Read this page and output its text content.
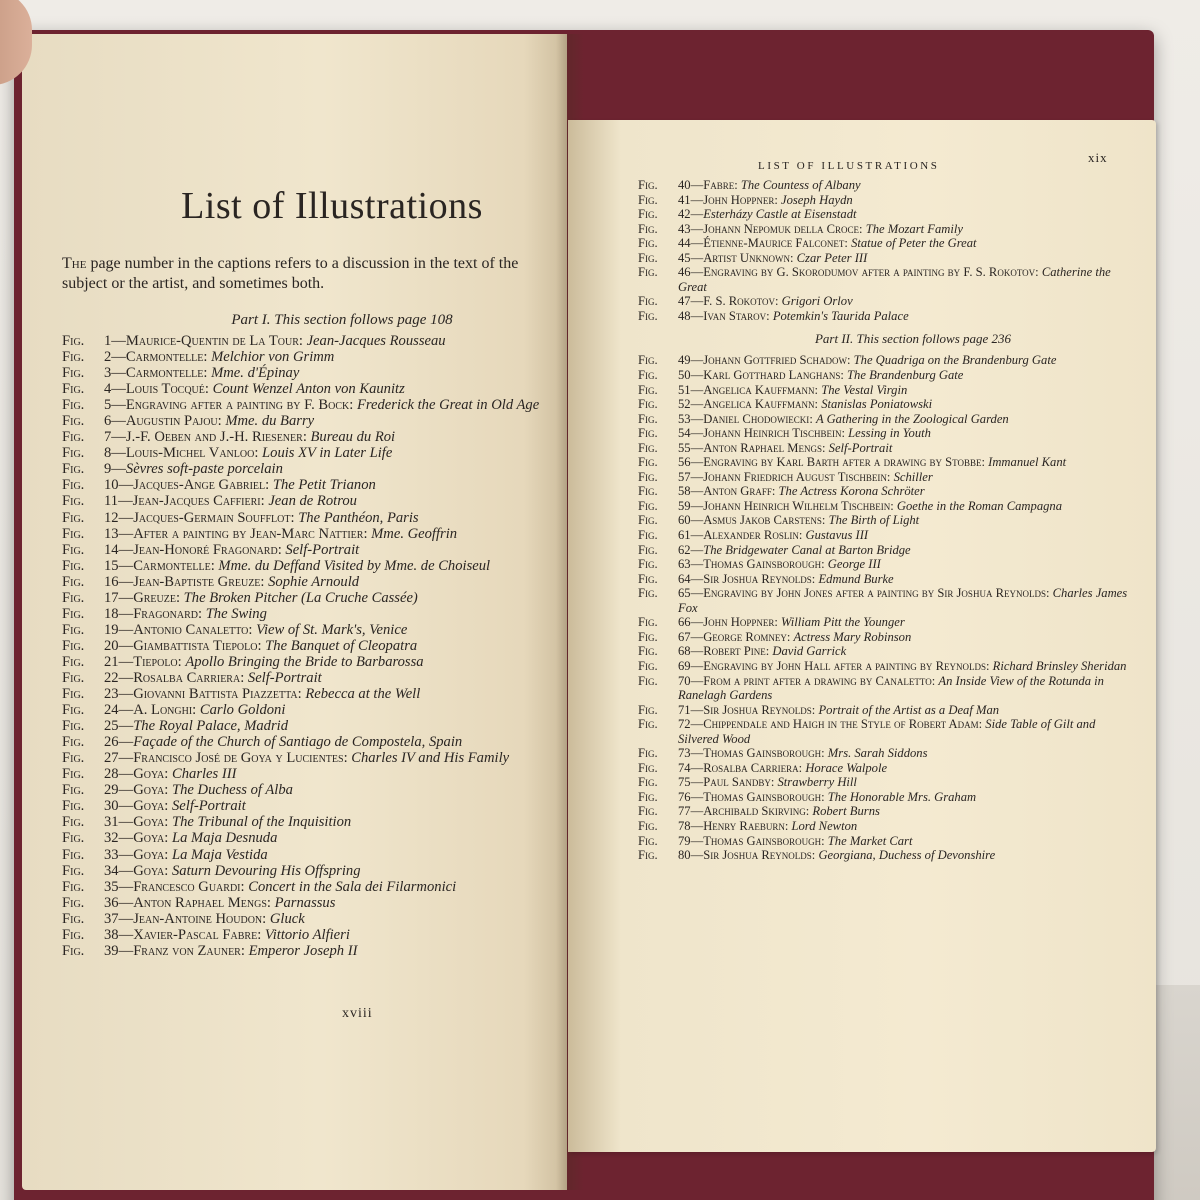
List of Illustrations

The page number in the captions refers to a discussion in the text of the subject or the artist, and sometimes both.

Part I. This section follows page 108
Fig.	1—Maurice-Quentin de La Tour: Jean-Jacques Rousseau
Fig.	2—Carmontelle: Melchior von Grimm
Fig.	3—Carmontelle: Mme. d'Épinay
Fig.	4—Louis Tocqué: Count Wenzel Anton von Kaunitz
Fig.	5—Engraving after a painting by F. Bock: Frederick the Great in Old Age
Fig.	6—Augustin Pajou: Mme. du Barry
Fig.	7—J.-F. Oeben and J.-H. Riesener: Bureau du Roi
Fig.	8—Louis-Michel Vanloo: Louis XV in Later Life
Fig.	9—Sèvres soft-paste porcelain
Fig.	10—Jacques-Ange Gabriel: The Petit Trianon
Fig.	11—Jean-Jacques Caffieri: Jean de Rotrou
Fig.	12—Jacques-Germain Soufflot: The Panthéon, Paris
Fig.	13—After a painting by Jean-Marc Nattier: Mme. Geoffrin
Fig.	14—Jean-Honoré Fragonard: Self-Portrait
Fig.	15—Carmontelle: Mme. du Deffand Visited by Mme. de Choiseul
Fig.	16—Jean-Baptiste Greuze: Sophie Arnould
Fig.	17—Greuze: The Broken Pitcher (La Cruche Cassée)
Fig.	18—Fragonard: The Swing
Fig.	19—Antonio Canaletto: View of St. Mark's, Venice
Fig.	20—Giambattista Tiepolo: The Banquet of Cleopatra
Fig.	21—Tiepolo: Apollo Bringing the Bride to Barbarossa
Fig.	22—Rosalba Carriera: Self-Portrait
Fig.	23—Giovanni Battista Piazzetta: Rebecca at the Well
Fig.	24—A. Longhi: Carlo Goldoni
Fig.	25—The Royal Palace, Madrid
Fig.	26—Façade of the Church of Santiago de Compostela, Spain
Fig.	27—Francisco José de Goya y Lucientes: Charles IV and His Family
Fig.	28—Goya: Charles III
Fig.	29—Goya: The Duchess of Alba
Fig.	30—Goya: Self-Portrait
Fig.	31—Goya: The Tribunal of the Inquisition
Fig.	32—Goya: La Maja Desnuda
Fig.	33—Goya: La Maja Vestida
Fig.	34—Goya: Saturn Devouring His Offspring
Fig.	35—Francesco Guardi: Concert in the Sala dei Filarmonici
Fig.	36—Anton Raphael Mengs: Parnassus
Fig.	37—Jean-Antoine Houdon: Gluck
Fig.	38—Xavier-Pascal Fabre: Vittorio Alfieri
Fig.	39—Franz von Zauner: Emperor Joseph II
xviii
LIST OF ILLUSTRATIONS
xix
Fig.	40—Fabre: The Countess of Albany
Fig.	41—John Hoppner: Joseph Haydn
Fig.	42—Esterházy Castle at Eisenstadt
Fig.	43—Johann Nepomuk della Croce: The Mozart Family
Fig.	44—Étienne-Maurice Falconet: Statue of Peter the Great
Fig.	45—Artist Unknown: Czar Peter III
Fig.	46—Engraving by G. Skorodumov after a painting by F. S. Rokotov: Catherine the Great
Fig.	47—F. S. Rokotov: Grigori Orlov
Fig.	48—Ivan Starov: Potemkin's Taurida Palace
Part II. This section follows page 236
Fig.	49—Johann Gottfried Schadow: The Quadriga on the Brandenburg Gate
Fig.	50—Karl Gotthard Langhans: The Brandenburg Gate
Fig.	51—Angelica Kauffmann: The Vestal Virgin
Fig.	52—Angelica Kauffmann: Stanislas Poniatowski
Fig.	53—Daniel Chodowiecki: A Gathering in the Zoological Garden
Fig.	54—Johann Heinrich Tischbein: Lessing in Youth
Fig.	55—Anton Raphael Mengs: Self-Portrait
Fig.	56—Engraving by Karl Barth after a drawing by Stobbe: Immanuel Kant
Fig.	57—Johann Friedrich August Tischbein: Schiller
Fig.	58—Anton Graff: The Actress Korona Schröter
Fig.	59—Johann Heinrich Wilhelm Tischbein: Goethe in the Roman Campagna
Fig.	60—Asmus Jakob Carstens: The Birth of Light
Fig.	61—Alexander Roslin: Gustavus III
Fig.	62—The Bridgewater Canal at Barton Bridge
Fig.	63—Thomas Gainsborough: George III
Fig.	64—Sir Joshua Reynolds: Edmund Burke
Fig.	65—Engraving by John Jones after a painting by Sir Joshua Reynolds: Charles James Fox
Fig.	66—John Hoppner: William Pitt the Younger
Fig.	67—George Romney: Actress Mary Robinson
Fig.	68—Robert Pine: David Garrick
Fig.	69—Engraving by John Hall after a painting by Reynolds: Richard Brinsley Sheridan
Fig.	70—From a print after a drawing by Canaletto: An Inside View of the Rotunda in Ranelagh Gardens
Fig.	71—Sir Joshua Reynolds: Portrait of the Artist as a Deaf Man
Fig.	72—Chippendale and Haigh in the Style of Robert Adam: Side Table of Gilt and Silvered Wood
Fig.	73—Thomas Gainsborough: Mrs. Sarah Siddons
Fig.	74—Rosalba Carriera: Horace Walpole
Fig.	75—Paul Sandby: Strawberry Hill
Fig.	76—Thomas Gainsborough: The Honorable Mrs. Graham
Fig.	77—Archibald Skirving: Robert Burns
Fig.	78—Henry Raeburn: Lord Newton
Fig.	79—Thomas Gainsborough: The Market Cart
Fig.	80—Sir Joshua Reynolds: Georgiana, Duchess of Devonshire
